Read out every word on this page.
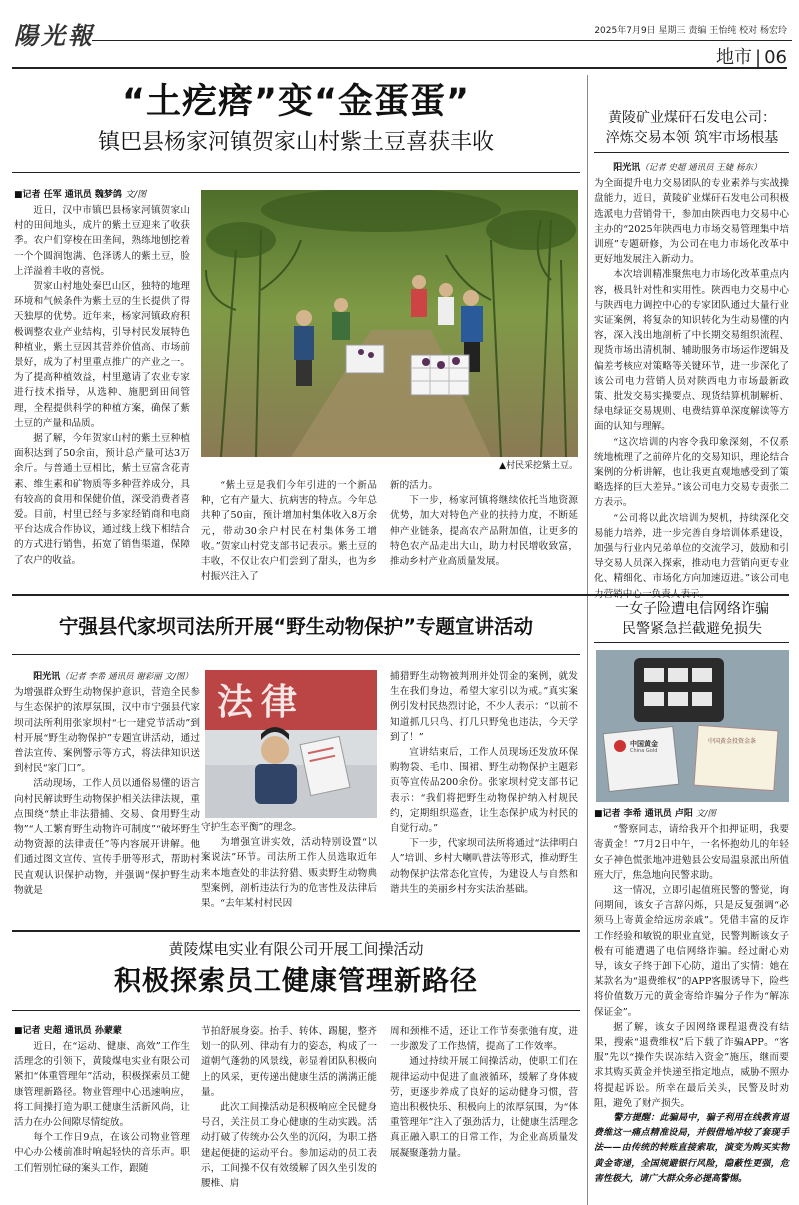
陽光報	2025年7月9日 星期三 责编 王怡纯 校对 杨宏玲
地市 | 06
“土疙瘩”变“金蛋蛋”
镇巴县杨家河镇贺家山村紫土豆喜获丰收
■记者 任军 通讯员 魏梦鸽 文/图

近日，汉中市镇巴县杨家河镇贺家山村的田间地头，成片的紫土豆迎来了收获季。农户们穿梭在田垄间，熟练地刨挖着一个个圆润饱满、色泽诱人的紫土豆，脸上洋溢着丰收的喜悦。

贺家山村地处秦巴山区，独特的地理环境和气候条件为紫土豆的生长提供了得天独厚的优势。近年来，杨家河镇政府积极调整农业产业结构，引导村民发展特色种植业，紫土豆因其营养价值高、市场前景好，成为了村里重点推广的产业之一。为了提高种植效益，村里邀请了农业专家进行技术指导，从选种、施肥到田间管理，全程提供科学的种植方案，确保了紫土豆的产量和品质。

据了解，今年贺家山村的紫土豆种植面积达到了50余亩，预计总产量可达3万余斤。与普通土豆相比，紫土豆富含花青素、维生素和矿物质等多种营养成分，具有较高的食用和保健价值，深受消费者喜爱。目前，村里已经与多家经销商和电商平台达成合作协议，通过线上线下相结合的方式进行销售，拓宽了销售渠道，保障了农户的收益。

▲村民采挖紫土豆。

“紫土豆是我们今年引进的一个新品种，它有产量大、抗病害的特点。今年总共种了50亩，预计增加村集体收入8万余元，带动30余户村民在村集体务工增收。”贺家山村党支部书记表示。紫土豆的丰收，不仅让农户们尝到了甜头，也为乡村振兴注入了

新的活力。

下一步，杨家河镇将继续依托当地资源优势，加大对特色产业的扶持力度，不断延伸产业链条，提高农产品附加值，让更多的特色农产品走出大山，助力村民增收致富，推动乡村产业高质量发展。

黄陵矿业煤矸石发电公司：
淬炼交易本领 筑牢市场根基

阳光讯（记者 史超 通讯员 王婕 杨东）

为全面提升电力交易团队的专业素养与实战操盘能力，近日，黄陵矿业煤矸石发电公司积极选派电力营销骨干，参加由陕西电力交易中心主办的“2025年陕西电力市场交易管理集中培训班”专题研修，为公司在电力市场化改革中更好地发展注入新动力。

本次培训精准聚焦电力市场化改革重点内容，极具针对性和实用性。陕西电力交易中心与陕西电力调控中心的专家团队通过大量行业实证案例，将复杂的知识转化为生动易懂的内容，深入浅出地剖析了中长期交易组织流程、现货市场出清机制、辅助服务市场运作逻辑及偏差考核应对策略等关键环节，进一步深化了该公司电力营销人员对陕西电力市场最新政策、批发交易实操要点、现货结算机制解析、绿电绿证交易规则、电费结算单深度解读等方面的认知与理解。

“这次培训的内容令我印象深刻，不仅系统地梳理了之前碎片化的交易知识，理论结合案例的分析讲解，也让我更直观地感受到了策略选择的巨大差异。”该公司电力交易专责张二方表示。

“公司将以此次培训为契机，持续深化交易能力培养，进一步完善自身培训体系建设，加强与行业内兄弟单位的交流学习，鼓励和引导交易人员深入探索，推动电力营销向更专业化、精细化、市场化方向加速迈进。”该公司电力营销中心一负责人表示。

宁强县代家坝司法所开展“野生动物保护”专题宣讲活动

阳光讯（记者 李希 通讯员 谢彩丽 文/图）

为增强群众野生动物保护意识，营造全民参与生态保护的浓厚氛围，汉中市宁强县代家坝司法所利用张家坝村“七一建党节活动”到村开展“野生动物保护”专题宣讲活动，通过普法宣传、案例警示等方式，将法律知识送到村民“家门口”。

活动现场，工作人员以通俗易懂的语言向村民解读野生动物保护相关法律法规，重点围绕“禁止非法猎捕、交易、食用野生动物”“人工繁育野生动物许可制度”“破坏野生动物资源的法律责任”等内容展开讲解。他们通过图文宣传、宣传手册等形式，帮助村民直观认识保护动物，并强调“保护野生动物就是

法律

守护生态平衡”的理念。

为增强宣讲实效，活动特别设置“以案说法”环节。司法所工作人员选取近年来本地查处的非法狩猎、贩卖野生动物典型案例，剖析违法行为的危害性及法律后果。“去年某村村民因

捕猎野生动物被判刑并处罚金的案例，就发生在我们身边，希望大家引以为戒。”真实案例引发村民热烈讨论，不少人表示：“以前不知道抓几只鸟、打几只野兔也违法，今天学到了！”

宣讲结束后，工作人员现场还发放环保购物袋、毛巾、围裙、野生动物保护主题彩页等宣传品200余份。张家坝村党支部书记表示：“我们将把野生动物保护纳入村规民约，定期组织巡查，让生态保护成为村民的自觉行动。”

下一步，代家坝司法所将通过“法律明白人”培训、乡村大喇叭普法等形式，推动野生动物保护法常态化宣传，为建设人与自然和谐共生的美丽乡村夯实法治基础。

一女子险遭电信网络诈骗
民警紧急拦截避免损失
中国黄金
China Gold
中国黄金投资金条

■记者 李希 通讯员 卢阳 文/图

“警察同志，请给我开个扣押证明，我要寄黄金！”7月2日中午，一名怀抱幼儿的年轻女子神色慌张地冲进勉县公安局温泉派出所值班大厅，焦急地向民警求助。

这一情况，立即引起值班民警的警觉，询问期间，该女子言辞闪烁，只是反复强调“必须马上寄黄金给远房亲戚”。凭借丰富的反诈工作经验和敏锐的职业直觉，民警判断该女子极有可能遭遇了电信网络诈骗。经过耐心劝导，该女子终于卸下心防，道出了实情：她在某款名为“退费维权”的APP客服诱导下，险些将价值数万元的黄金寄给诈骗分子作为“解冻保证金”。

据了解，该女子因网络课程退费没有结果，搜索“退费维权”后下载了诈骗APP。“客服”先以“操作失误冻结入资金”施压，继而要求其购买黄金并快递至指定地点，威胁不照办将提起诉讼。所幸在最后关头，民警及时劝阻，避免了财产损失。

警方提醒：此骗局中，骗子利用在线教育退费维这一痛点精准设局，并假借地冲较了套现手法——由传统的转账直接索取，演变为购买实物黄金寄递，全国规避银行风险，隐蔽性更强，危害性极大，请广大群众务必提高警惕。

黄陵煤电实业有限公司开展工间操活动
积极探索员工健康管理新路径
■记者 史超 通讯员 孙蒙蒙

近日，在“运动、健康、高效”工作生活理念的引领下，黄陵煤电实业有限公司紧扣“体重管理年”活动，积极探索员工健康管理新路径。物业管理中心迅速响应，将工间操打造为职工健康生活新风尚，让活力在办公间隙尽情绽放。

每个工作日9点，在该公司物业管理中心办公楼前准时响起轻快的音乐声。职工们暂别忙碌的案头工作，跟随

节拍舒展身姿。抬手、转体、踢腿，整齐划一的队列、律动有力的姿态，构成了一道朝气蓬勃的风景线，彰显着团队积极向上的风采，更传递出健康生活的满满正能量。

此次工间操活动是积极响应全民健身号召，关注员工身心健康的生动实践。活动打破了传统办公久坐的沉闷，为职工搭建起便捷的运动平台。参加运动的员工表示，工间操不仅有效缓解了因久坐引发的腰椎、肩

周和颈椎不适，还让工作节奏张弛有度，进一步激发了工作热情，提高了工作效率。

通过持续开展工间操活动，使职工们在规律运动中促进了血液循环，缓解了身体疲劳，更逐步养成了良好的运动健身习惯，营造出积极快乐、积极向上的浓厚氛围，为“体重管理年”注入了强劲活力，让健康生活理念真正融入职工的日常工作，为企业高质量发展凝聚蓬勃力量。
